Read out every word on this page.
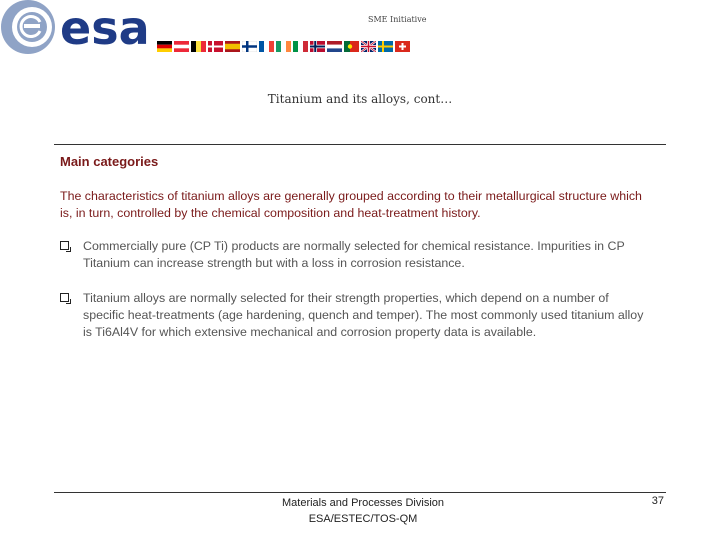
esa	SME Initiative
Titanium and its alloys, cont…
Main categories
The characteristics of titanium alloys are generally grouped according to their metallurgical structure which is, in turn, controlled by the chemical composition and heat-treatment history.
Commercially pure (CP Ti) products are normally selected for chemical resistance. Impurities in CP Titanium can increase strength but with a loss in corrosion resistance.
Titanium alloys are normally selected for their strength properties, which depend on a number of specific heat-treatments (age hardening, quench and temper). The most commonly used titanium alloy is Ti6Al4V for which extensive mechanical and corrosion property data is available.
Materials and Processes Division
ESA/ESTEC/TOS-QM
37
